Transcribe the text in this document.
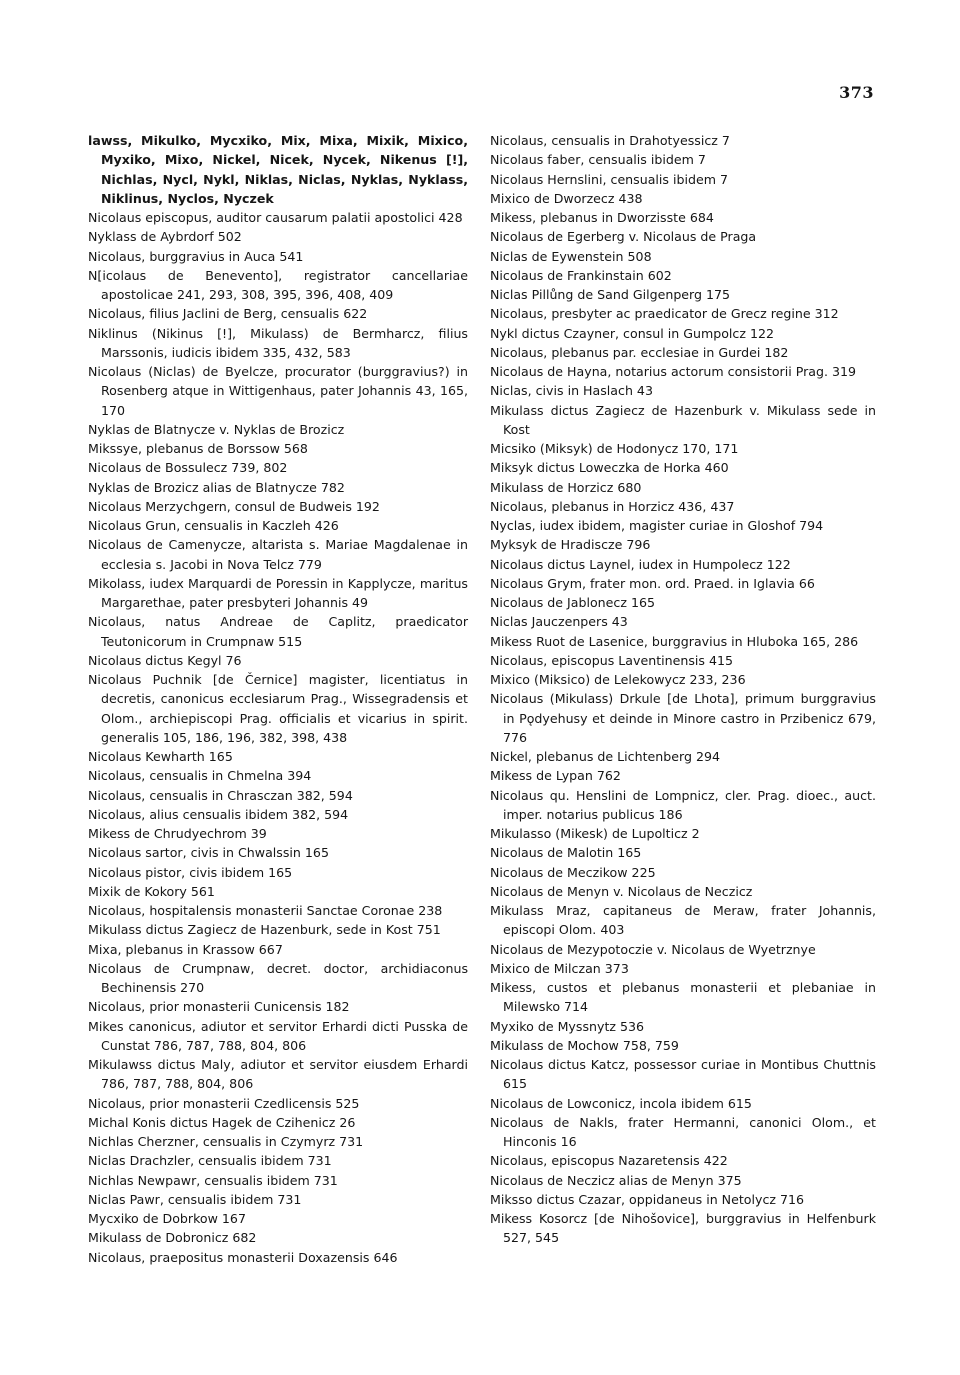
373

lawss, Mikulko, Mycxiko, Mix, Mixa, Mixik, Mixico, Myxiko, Mixo, Nickel, Nicek, Nycek, Nikenus [!], Nichlas, Nycl, Nykl, Niklas, Niclas, Nyklas, Nyklass, Niklinus, Nyclos, Nyczek

Nicolaus episcopus, auditor causarum palatii apostolici 428

Nyklass de Aybrdorf 502

Nicolaus, burggravius in Auca 541

N[icolaus de Benevento], registrator cancellariae apostolicae 241, 293, 308, 395, 396, 408, 409

Nicolaus, filius Jaclini de Berg, censualis 622

Niklinus (Nikinus [!], Mikulass) de Bermharcz, filius Marssonis, iudicis ibidem 335, 432, 583

Nicolaus (Niclas) de Byelcze, procurator (burggravius?) in Rosenberg atque in Wittigenhaus, pater Johannis 43, 165, 170

Nyklas de Blatnycze v. Nyklas de Brozicz

Mikssye, plebanus de Borssow 568

Nicolaus de Bossulecz 739, 802

Nyklas de Brozicz alias de Blatnycze 782

Nicolaus Merzychgern, consul de Budweis 192

Nicolaus Grun, censualis in Kaczleh 426

Nicolaus de Camenycze, altarista s. Mariae Magdalenae in ecclesia s. Jacobi in Nova Telcz 779

Mikolass, iudex Marquardi de Poressin in Kapplycze, maritus Margarethae, pater presbyteri Johannis 49

Nicolaus, natus Andreae de Caplitz, praedicator Teutonicorum in Crumpnaw 515

Nicolaus dictus Kegyl 76

Nicolaus Puchnik [de Černice] magister, licentiatus in decretis, canonicus ecclesiarum Prag., Wissegradensis et Olom., archiepiscopi Prag. officialis et vicarius in spirit. generalis 105, 186, 196, 382, 398, 438

Nicolaus Kewharth 165

Nicolaus, censualis in Chmelna 394

Nicolaus, censualis in Chrasczan 382, 594

Nicolaus, alius censualis ibidem 382, 594

Mikess de Chrudyechrom 39

Nicolaus sartor, civis in Chwalssin 165

Nicolaus pistor, civis ibidem 165

Mixik de Kokory 561

Nicolaus, hospitalensis monasterii Sanctae Coronae 238

Mikulass dictus Zagiecz de Hazenburk, sede in Kost 751

Mixa, plebanus in Krassow 667

Nicolaus de Crumpnaw, decret. doctor, archidiaconus Bechinensis 270

Nicolaus, prior monasterii Cunicensis 182

Mikes canonicus, adiutor et servitor Erhardi dicti Pusska de Cunstat 786, 787, 788, 804, 806

Mikulawss dictus Maly, adiutor et servitor eiusdem Erhardi 786, 787, 788, 804, 806

Nicolaus, prior monasterii Czedlicensis 525

Michal Konis dictus Hagek de Czihenicz 26

Nichlas Cherzner, censualis in Czymyrz 731

Niclas Drachzler, censualis ibidem 731

Nichlas Newpawr, censualis ibidem 731

Niclas Pawr, censualis ibidem 731

Mycxiko de Dobrkow 167

Mikulass de Dobronicz 682

Nicolaus, praepositus monasterii Doxazensis 646

Nicolaus, censualis in Drahotyessicz 7

Nicolaus faber, censualis ibidem 7

Nicolaus Hernslini, censualis ibidem 7

Mixico de Dworzecz 438

Mikess, plebanus in Dworzisste 684

Nicolaus de Egerberg v. Nicolaus de Praga

Niclas de Eywenstein 508

Nicolaus de Frankinstain 602

Niclas Pillůng de Sand Gilgenperg 175

Nicolaus, presbyter ac praedicator de Grecz regine 312

Nykl dictus Czayner, consul in Gumpolcz 122

Nicolaus, plebanus par. ecclesiae in Gurdei 182

Nicolaus de Hayna, notarius actorum consistorii Prag. 319

Niclas, civis in Haslach 43

Mikulass dictus Zagiecz de Hazenburk v. Mikulass sede in Kost

Micsiko (Miksyk) de Hodonycz 170, 171

Miksyk dictus Loweczka de Horka 460

Mikulass de Horzicz 680

Nicolaus, plebanus in Horzicz 436, 437

Nyclas, iudex ibidem, magister curiae in Gloshof 794

Myksyk de Hradiscze 796

Nicolaus dictus Laynel, iudex in Humpolecz 122

Nicolaus Grym, frater mon. ord. Praed. in Iglavia 66

Nicolaus de Jablonecz 165

Niclas Jauczenpers 43

Mikess Ruot de Lasenice, burggravius in Hluboka 165, 286

Nicolaus, episcopus Laventinensis 415

Mixico (Miksico) de Lelekowycz 233, 236

Nicolaus (Mikulass) Drkule [de Lhota], primum burggravius in Pǫdyehusy et deinde in Minore castro in Przibenicz 679, 776

Nickel, plebanus de Lichtenberg 294

Mikess de Lypan 762

Nicolaus qu. Henslini de Lompnicz, cler. Prag. dioec., auct. imper. notarius publicus 186

Mikulasso (Mikesk) de Lupolticz 2

Nicolaus de Malotin 165

Nicolaus de Meczikow 225

Nicolaus de Menyn v. Nicolaus de Neczicz

Mikulass Mraz, capitaneus de Meraw, frater Johannis, episcopi Olom. 403

Nicolaus de Mezypotoczie v. Nicolaus de Wyetrznye

Mixico de Milczan 373

Mikess, custos et plebanus monasterii et plebaniae in Milewsko 714

Myxiko de Myssnytz 536

Mikulass de Mochow 758, 759

Nicolaus dictus Katcz, possessor curiae in Montibus Chuttnis 615

Nicolaus de Lowconicz, incola ibidem 615

Nicolaus de Nakls, frater Hermanni, canonici Olom., et Hinconis 16

Nicolaus, episcopus Nazaretensis 422

Nicolaus de Neczicz alias de Menyn 375

Miksso dictus Czazar, oppidaneus in Netolycz 716

Mikess Kosorcz [de Nihošovice], burggravius in Helfenburk 527, 545
